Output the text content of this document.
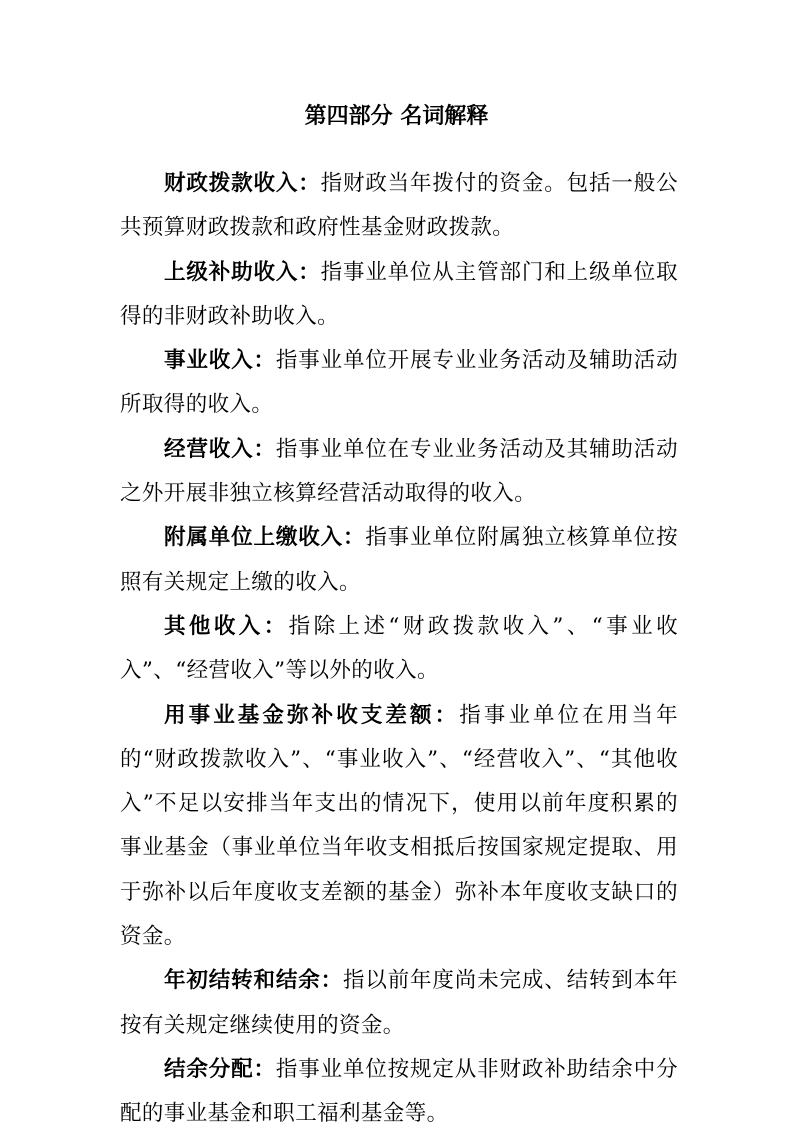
第四部分 名词解释

财政拨款收入：指财政当年拨付的资金。包括一般公共预算财政拨款和政府性基金财政拨款。

上级补助收入：指事业单位从主管部门和上级单位取得的非财政补助收入。

事业收入：指事业单位开展专业业务活动及辅助活动所取得的收入。

经营收入：指事业单位在专业业务活动及其辅助活动之外开展非独立核算经营活动取得的收入。

附属单位上缴收入：指事业单位附属独立核算单位按照有关规定上缴的收入。

其他收入：指除上述“财政拨款收入”、“事业收入”、“经营收入”等以外的收入。

用事业基金弥补收支差额：指事业单位在用当年的“财政拨款收入”、“事业收入”、“经营收入”、“其他收入”不足以安排当年支出的情况下，使用以前年度积累的事业基金（事业单位当年收支相抵后按国家规定提取、用于弥补以后年度收支差额的基金）弥补本年度收支缺口的资金。

年初结转和结余：指以前年度尚未完成、结转到本年按有关规定继续使用的资金。

结余分配：指事业单位按规定从非财政补助结余中分配的事业基金和职工福利基金等。
